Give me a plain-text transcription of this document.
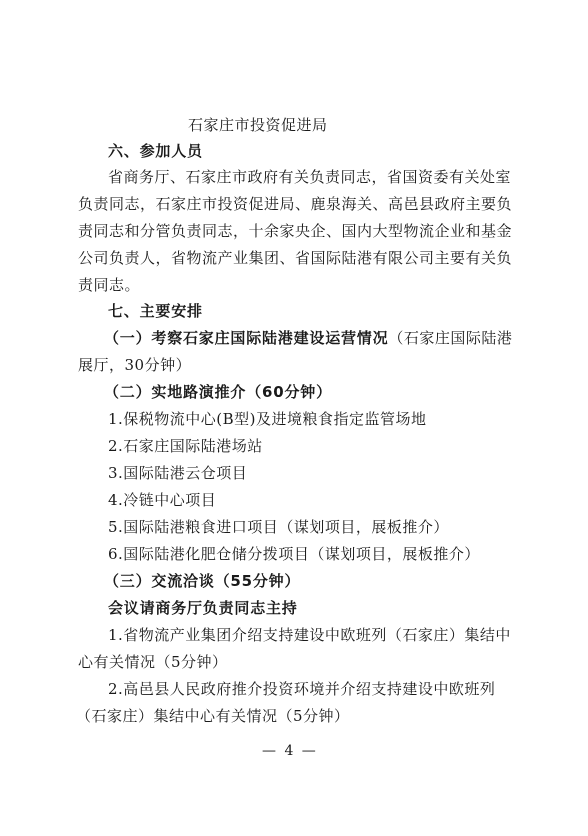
石家庄市投资促进局
六、参加人员
省商务厅、石家庄市政府有关负责同志，省国资委有关处室
负责同志，石家庄市投资促进局、鹿泉海关、高邑县政府主要负
责同志和分管负责同志，十余家央企、国内大型物流企业和基金
公司负责人，省物流产业集团、省国际陆港有限公司主要有关负
责同志。
七、主要安排
（一）考察石家庄国际陆港建设运营情况（石家庄国际陆港
展厅，30分钟）
（二）实地路演推介（60分钟）
1.保税物流中心(B型)及进境粮食指定监管场地
2.石家庄国际陆港场站
3.国际陆港云仓项目
4.冷链中心项目
5.国际陆港粮食进口项目（谋划项目，展板推介）
6.国际陆港化肥仓储分拨项目（谋划项目，展板推介）
（三）交流洽谈（55分钟）
会议请商务厅负责同志主持
1.省物流产业集团介绍支持建设中欧班列（石家庄）集结中
心有关情况（5分钟）
2.高邑县人民政府推介投资环境并介绍支持建设中欧班列
（石家庄）集结中心有关情况（5分钟）
— 4 —
